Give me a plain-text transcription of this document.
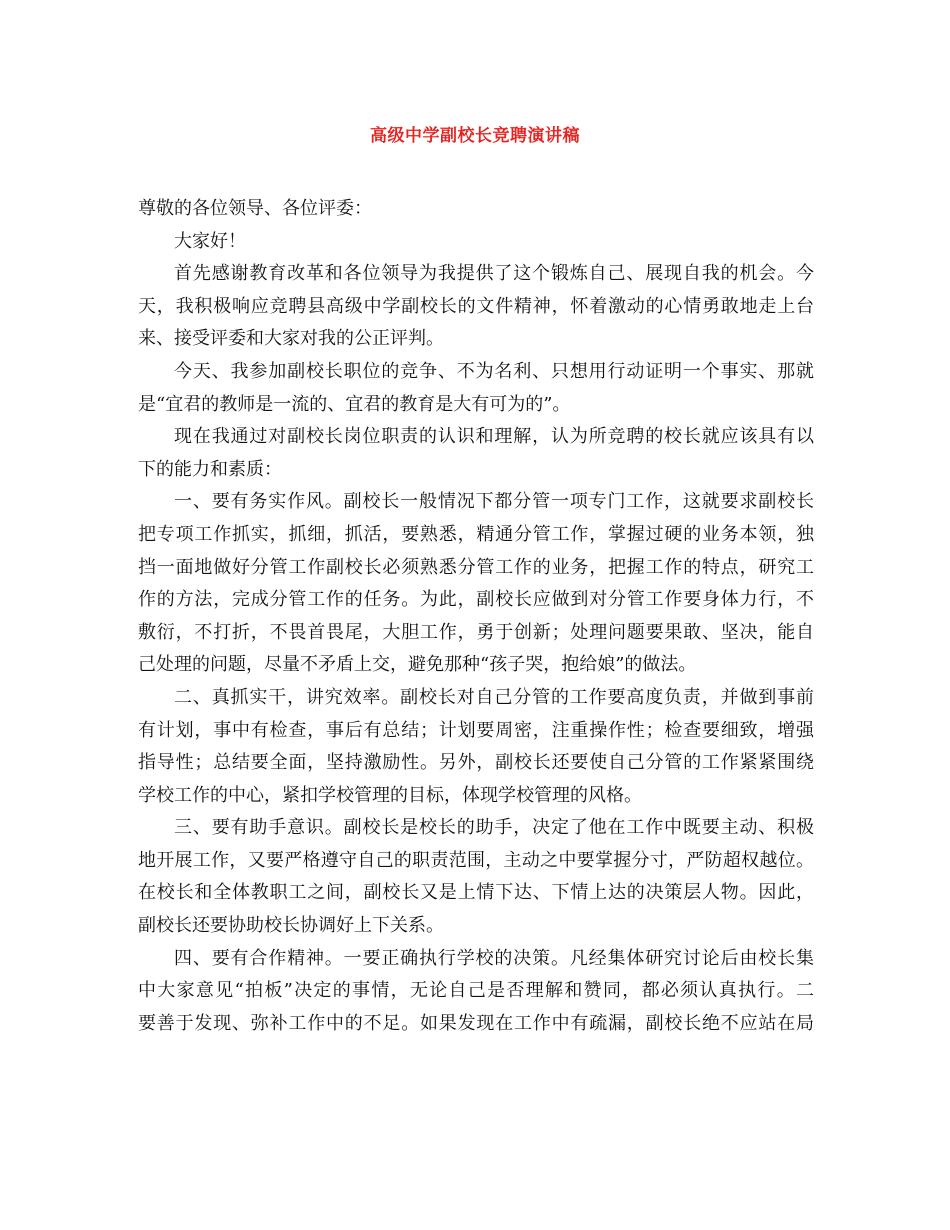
高级中学副校长竞聘演讲稿
尊敬的各位领导、各位评委：
大家好！
首先感谢教育改革和各位领导为我提供了这个锻炼自己、展现自我的机会。今
天，我积极响应竞聘县高级中学副校长的文件精神，怀着激动的心情勇敢地走上台
来、接受评委和大家对我的公正评判。
今天、我参加副校长职位的竞争、不为名利、只想用行动证明一个事实、那就
是“宜君的教师是一流的、宜君的教育是大有可为的”。
现在我通过对副校长岗位职责的认识和理解，认为所竞聘的校长就应该具有以
下的能力和素质：
一、要有务实作风。副校长一般情况下都分管一项专门工作，这就要求副校长
把专项工作抓实，抓细，抓活，要熟悉，精通分管工作，掌握过硬的业务本领，独
挡一面地做好分管工作副校长必须熟悉分管工作的业务，把握工作的特点，研究工
作的方法，完成分管工作的任务。为此，副校长应做到对分管工作要身体力行，不
敷衍，不打折，不畏首畏尾，大胆工作，勇于创新；处理问题要果敢、坚决，能自
己处理的问题，尽量不矛盾上交，避免那种“孩子哭，抱给娘”的做法。
二、真抓实干，讲究效率。副校长对自己分管的工作要高度负责，并做到事前
有计划，事中有检查，事后有总结；计划要周密，注重操作性；检查要细致，增强
指导性；总结要全面，坚持激励性。另外，副校长还要使自己分管的工作紧紧围绕
学校工作的中心，紧扣学校管理的目标，体现学校管理的风格。
三、要有助手意识。副校长是校长的助手，决定了他在工作中既要主动、积极
地开展工作，又要严格遵守自己的职责范围，主动之中要掌握分寸，严防超权越位。
在校长和全体教职工之间，副校长又是上情下达、下情上达的决策层人物。因此，
副校长还要协助校长协调好上下关系。
四、要有合作精神。一要正确执行学校的决策。凡经集体研究讨论后由校长集
中大家意见“拍板”决定的事情，无论自己是否理解和赞同，都必须认真执行。二
要善于发现、弥补工作中的不足。如果发现在工作中有疏漏，副校长绝不应站在局
